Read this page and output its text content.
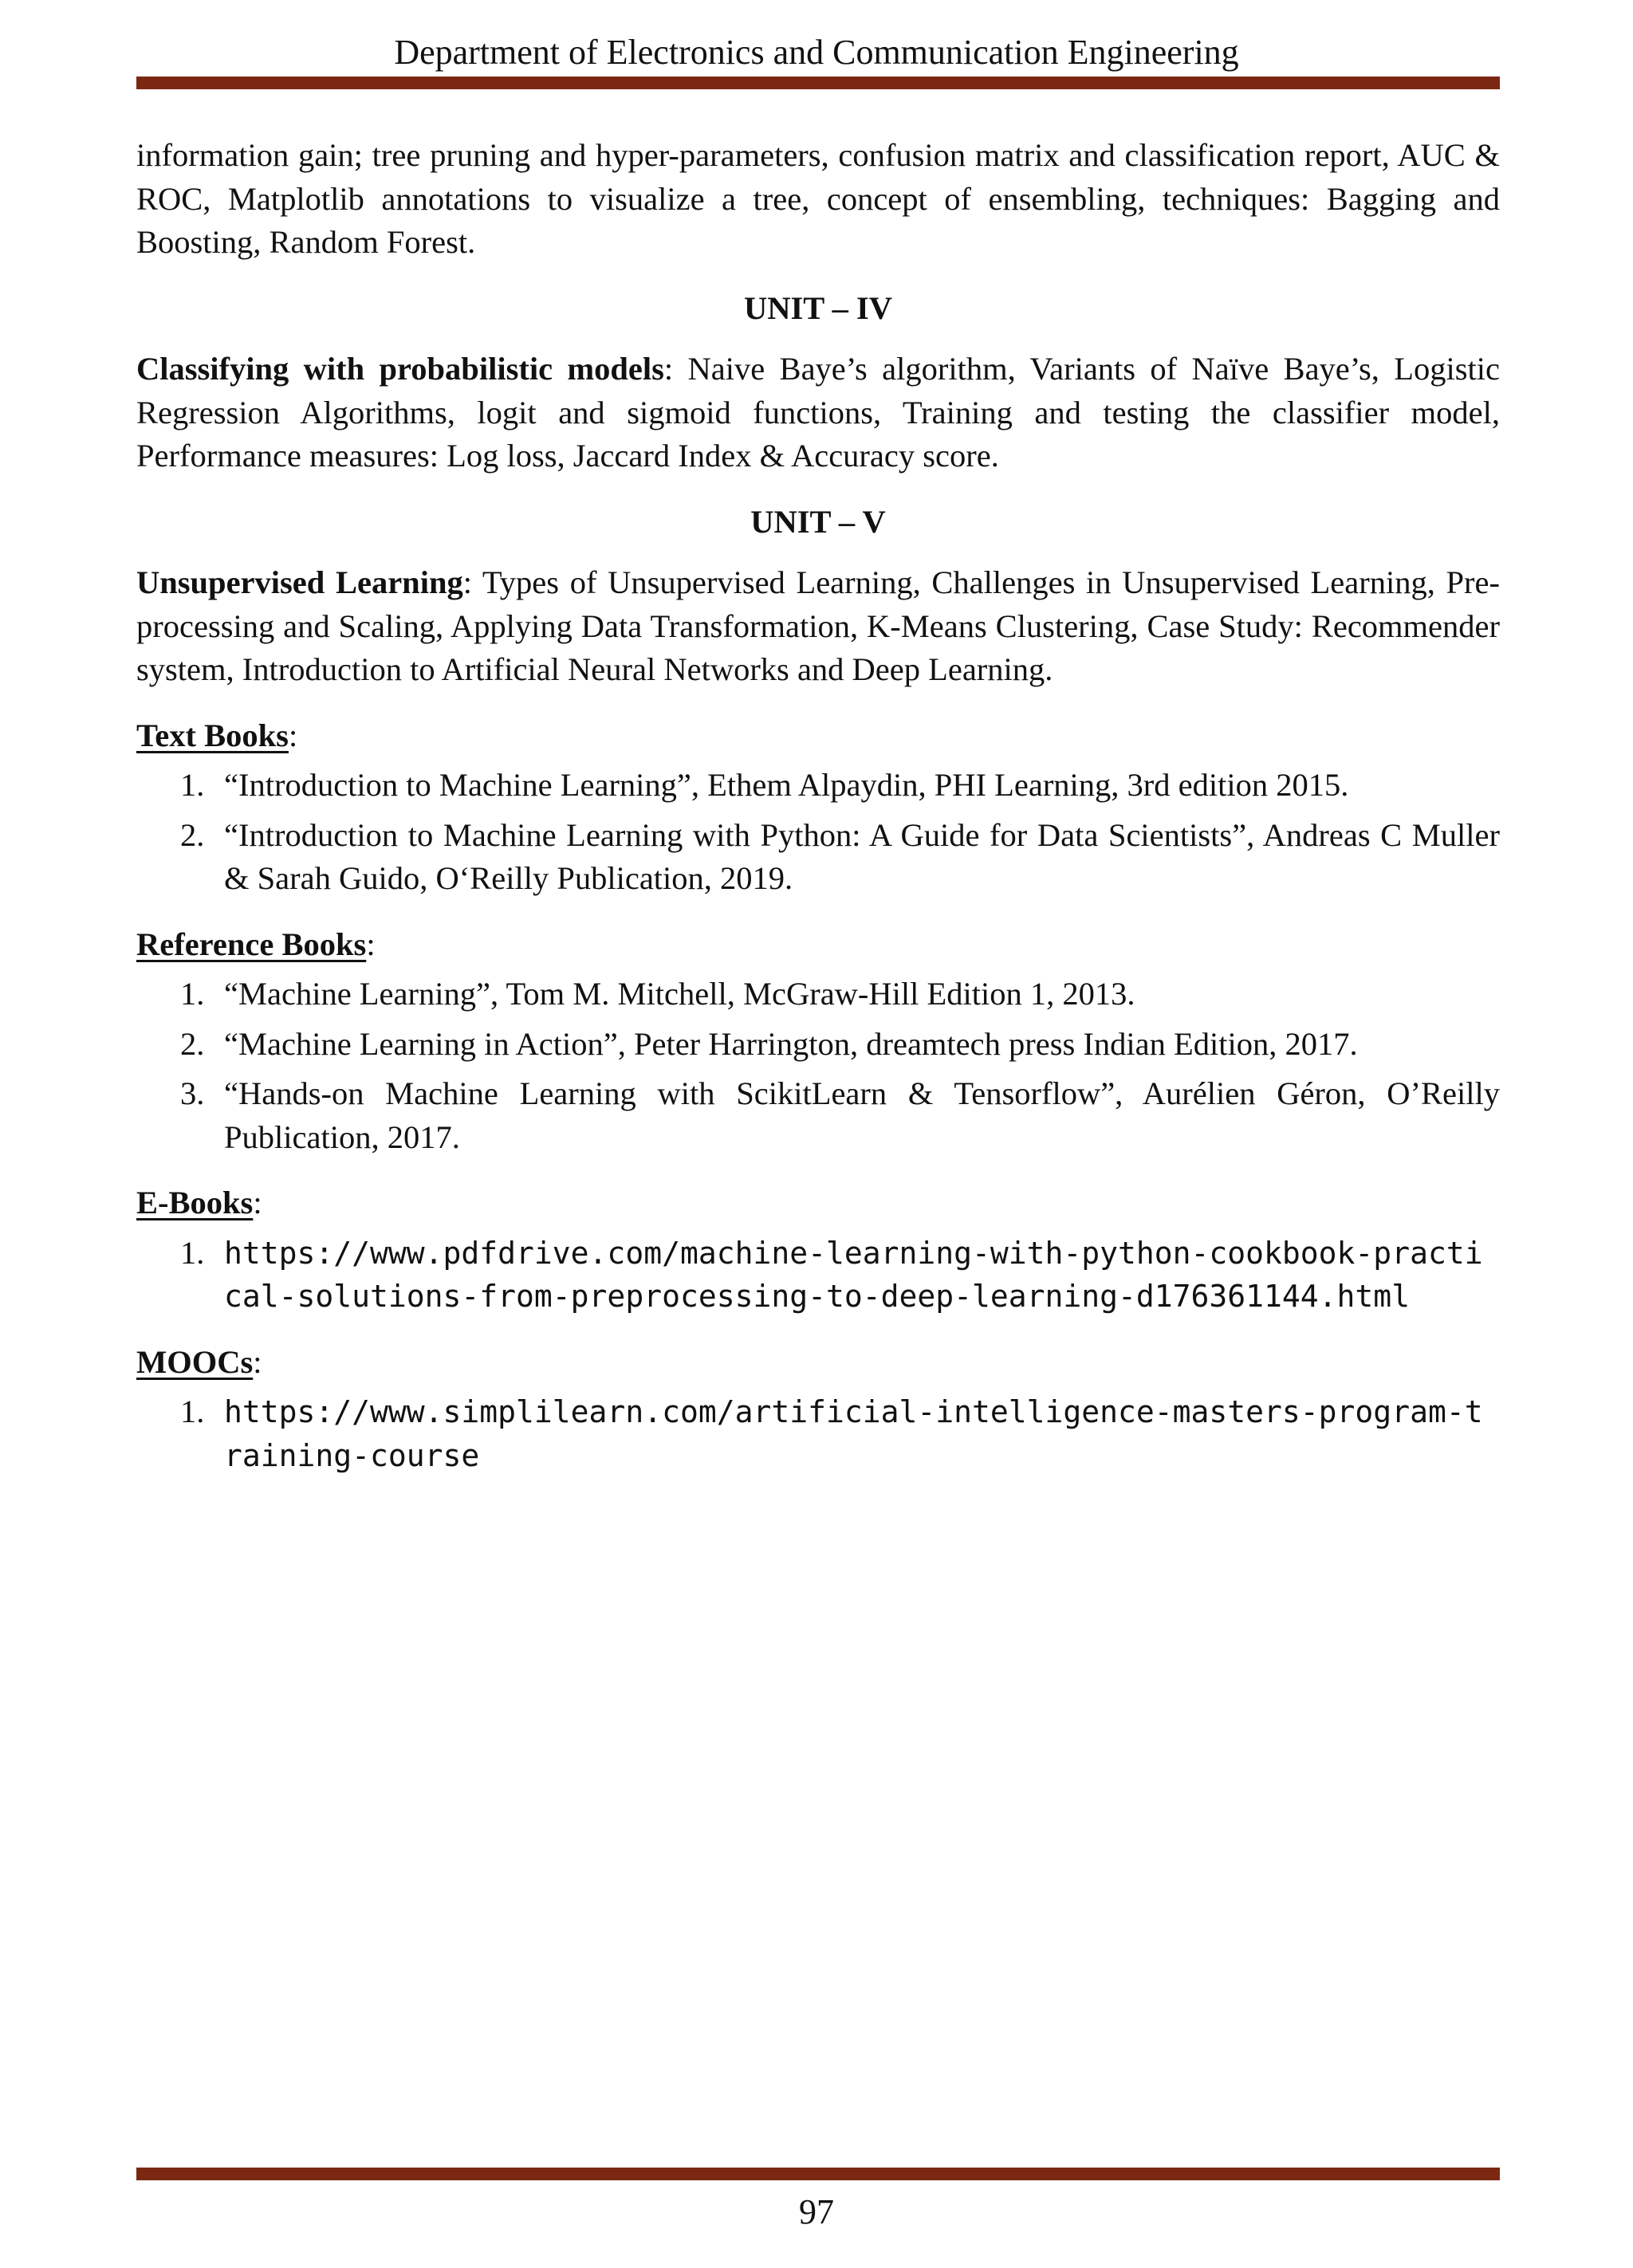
Department of Electronics and Communication Engineering

information gain; tree pruning and hyper-parameters, confusion matrix and classification report, AUC & ROC, Matplotlib annotations to visualize a tree, concept of ensembling, techniques: Bagging and Boosting, Random Forest.

UNIT – IV

Classifying with probabilistic models: Naive Baye’s algorithm, Variants of Naïve Baye’s, Logistic Regression Algorithms, logit and sigmoid functions, Training and testing the classifier model, Performance measures: Log loss, Jaccard Index & Accuracy score.

UNIT – V

Unsupervised Learning: Types of Unsupervised Learning, Challenges in Unsupervised Learning, Pre-processing and Scaling, Applying Data Transformation, K-Means Clustering, Case Study: Recommender system, Introduction to Artificial Neural Networks and Deep Learning.

Text Books:
1. “Introduction to Machine Learning”, Ethem Alpaydin, PHI Learning, 3rd edition 2015.
2. “Introduction to Machine Learning with Python: A Guide for Data Scientists”, Andreas C Muller & Sarah Guido, O‘Reilly Publication, 2019.
Reference Books:
1. “Machine Learning”, Tom M. Mitchell, McGraw-Hill Edition 1, 2013.
2. “Machine Learning in Action”, Peter Harrington, dreamtech press Indian Edition, 2017.
3. “Hands-on Machine Learning with ScikitLearn & Tensorflow”, Aurélien Géron, O’Reilly Publication, 2017.
E-Books:
1. https://www.pdfdrive.com/machine-learning-with-python-cookbook-practical-solutions-from-preprocessing-to-deep-learning-d176361144.html
MOOCs:
1. https://www.simplilearn.com/artificial-intelligence-masters-program-training-course
97
